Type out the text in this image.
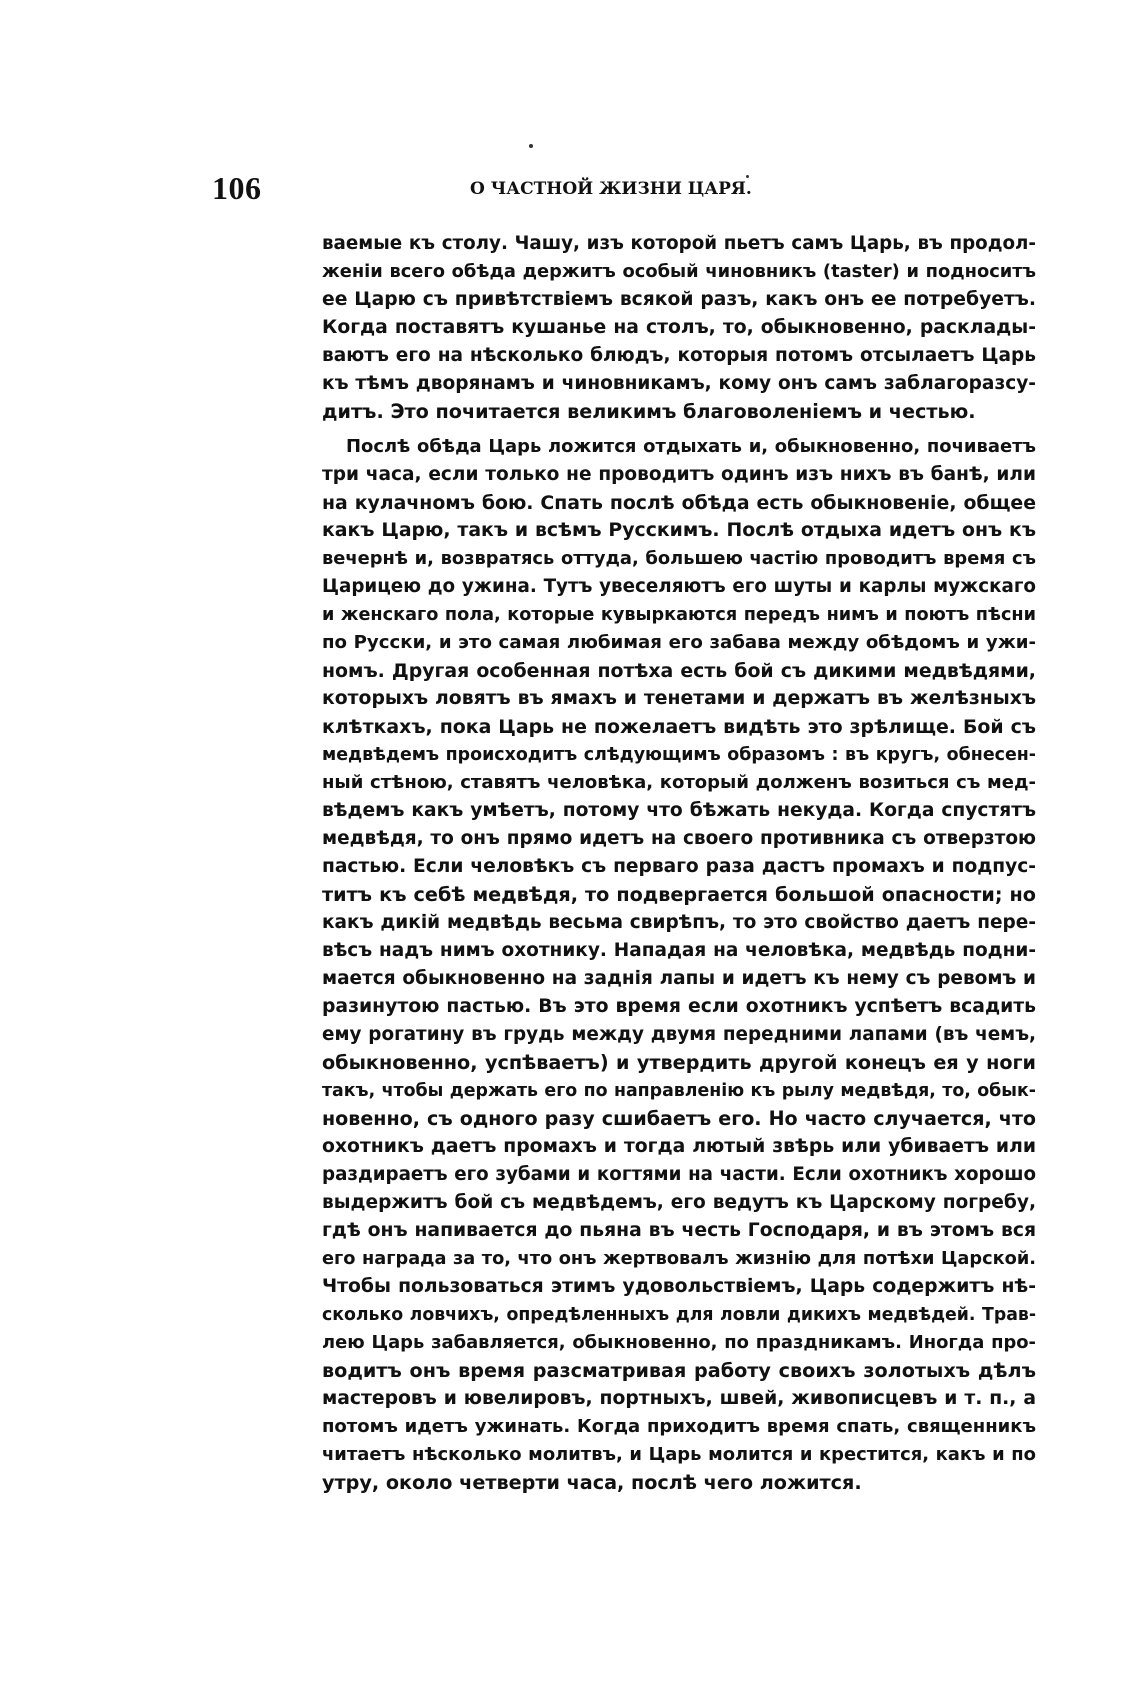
106	О ЧАСТНОЙ ЖИЗНИ ЦАРЯ.
ваемые къ столу. Чашу, изъ которой пьетъ самъ Царь, въ продол-
женіи всего обѣда держитъ особый чиновникъ (taster) и подноситъ
ее Царю съ привѣтствіемъ всякой разъ, какъ онъ ее потребуетъ.
Когда поставятъ кушанье на столъ, то, обыкновенно, расклады-
ваютъ его на нѣсколько блюдъ, которыя потомъ отсылаетъ Царь
къ тѣмъ дворянамъ и чиновникамъ, кому онъ самъ заблагоразсу-
дитъ. Это почитается великимъ благоволеніемъ и честью.
Послѣ обѣда Царь ложится отдыхать и, обыкновенно, почиваетъ
три часа, если только не проводитъ одинъ изъ нихъ въ банѣ, или
на кулачномъ бою. Спать послѣ обѣда есть обыкновеніе, общее
какъ Царю, такъ и всѣмъ Русскимъ. Послѣ отдыха идетъ онъ къ
вечернѣ и, возвратясь оттуда, большею частію проводитъ время съ
Царицею до ужина. Тутъ увеселяютъ его шуты и карлы мужскаго
и женскаго пола, которые кувыркаются передъ нимъ и поютъ пѣсни
по Русски, и это самая любимая его забава между обѣдомъ и ужи-
номъ. Другая особенная потѣха есть бой съ дикими медвѣдями,
которыхъ ловятъ въ ямахъ и тенетами и держатъ въ желѣзныхъ
клѣткахъ, пока Царь не пожелаетъ видѣть это зрѣлище. Бой съ
медвѣдемъ происходитъ слѣдующимъ образомъ : въ кругъ, обнесен-
ный стѣною, ставятъ человѣка, который долженъ возиться съ мед-
вѣдемъ какъ умѣетъ, потому что бѣжать некуда. Когда спустятъ
медвѣдя, то онъ прямо идетъ на своего противника съ отверзтою
пастью. Если человѣкъ съ перваго раза дастъ промахъ и подпус-
титъ къ себѣ медвѣдя, то подвергается большой опасности; но
какъ дикій медвѣдь весьма свирѣпъ, то это свойство даетъ пере-
вѣсъ надъ нимъ охотнику. Нападая на человѣка, медвѣдь подни-
мается обыкновенно на заднія лапы и идетъ къ нему съ ревомъ и
разинутою пастью. Въ это время если охотникъ успѣетъ всадить
ему рогатину въ грудь между двумя передними лапами (въ чемъ,
обыкновенно, успѣваетъ) и утвердить другой конецъ ея у ноги
такъ, чтобы держать его по направленію къ рылу медвѣдя, то, обык-
новенно, съ одного разу сшибаетъ его. Но часто случается, что
охотникъ даетъ промахъ и тогда лютый звѣрь или убиваетъ или
раздираетъ его зубами и когтями на части. Если охотникъ хорошо
выдержитъ бой съ медвѣдемъ, его ведутъ къ Царскому погребу,
гдѣ онъ напивается до пьяна въ честь Господаря, и въ этомъ вся
его награда за то, что онъ жертвовалъ жизнію для потѣхи Царской.
Чтобы пользоваться этимъ удовольствіемъ, Царь содержитъ нѣ-
сколько ловчихъ, опредѣленныхъ для ловли дикихъ медвѣдей. Трав-
лею Царь забавляется, обыкновенно, по праздникамъ. Иногда про-
водитъ онъ время разсматривая работу своихъ золотыхъ дѣлъ
мастеровъ и ювелировъ, портныхъ, швей, живописцевъ и т. п., а
потомъ идетъ ужинать. Когда приходитъ время спать, священникъ
читаетъ нѣсколько молитвъ, и Царь молится и крестится, какъ и по
утру, около четверти часа, послѣ чего ложится.
